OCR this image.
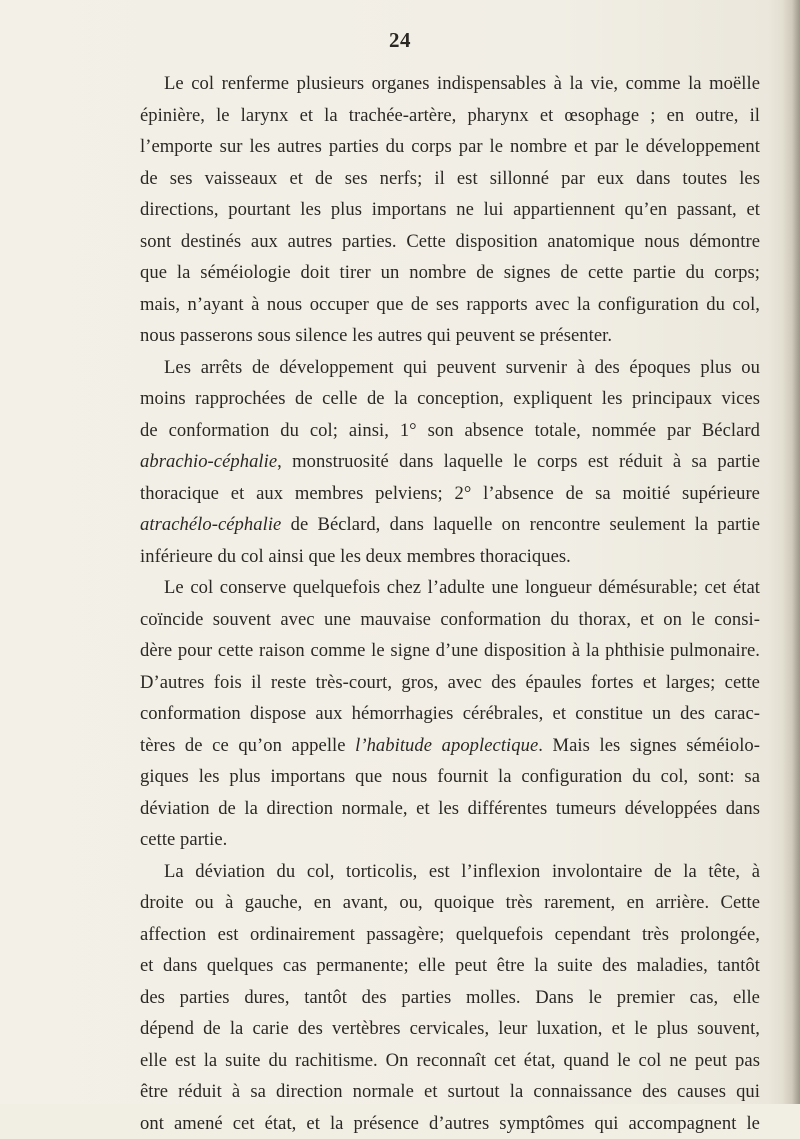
24
Le col renferme plusieurs organes indispensables à la vie, comme la moëlle
épinière, le larynx et la trachée-artère, pharynx et œsophage ; en outre, il
l’emporte sur les autres parties du corps par le nombre et par le développement
de ses vaisseaux et de ses nerfs; il est sillonné par eux dans toutes les
directions, pourtant les plus importans ne lui appartiennent qu’en passant, et
sont destinés aux autres parties. Cette disposition anatomique nous démontre
que la séméiologie doit tirer un nombre de signes de cette partie du corps;
mais, n’ayant à nous occuper que de ses rapports avec la configuration du col,
nous passerons sous silence les autres qui peuvent se présenter.
Les arrêts de développement qui peuvent survenir à des époques plus ou
moins rapprochées de celle de la conception, expliquent les principaux vices
de conformation du col; ainsi, 1° son absence totale, nommée par Béclard
abrachio-céphalie, monstruosité dans laquelle le corps est réduit à sa partie
thoracique et aux membres pelviens; 2° l’absence de sa moitié supérieure
atrachélo-céphalie de Béclard, dans laquelle on rencontre seulement la partie
inférieure du col ainsi que les deux membres thoraciques.
Le col conserve quelquefois chez l’adulte une longueur démésurable; cet état
coïncide souvent avec une mauvaise conformation du thorax, et on le consi-
dère pour cette raison comme le signe d’une disposition à la phthisie pulmonaire.
D’autres fois il reste très-court, gros, avec des épaules fortes et larges; cette
conformation dispose aux hémorrhagies cérébrales, et constitue un des carac-
tères de ce qu’on appelle l’habitude apoplectique. Mais les signes séméiolo-
giques les plus importans que nous fournit la configuration du col, sont: sa
déviation de la direction normale, et les différentes tumeurs développées dans
cette partie.
La déviation du col, torticolis, est l’inflexion involontaire de la tête, à
droite ou à gauche, en avant, ou, quoique très rarement, en arrière. Cette
affection est ordinairement passagère; quelquefois cependant très prolongée,
et dans quelques cas permanente; elle peut être la suite des maladies, tantôt
des parties dures, tantôt des parties molles. Dans le premier cas, elle
dépend de la carie des vertèbres cervicales, leur luxation, et le plus souvent,
elle est la suite du rachitisme. On reconnaît cet état, quand le col ne peut pas
être réduit à sa direction normale et surtout la connaissance des causes qui
ont amené cet état, et la présence d’autres symptômes qui accompagnent le
